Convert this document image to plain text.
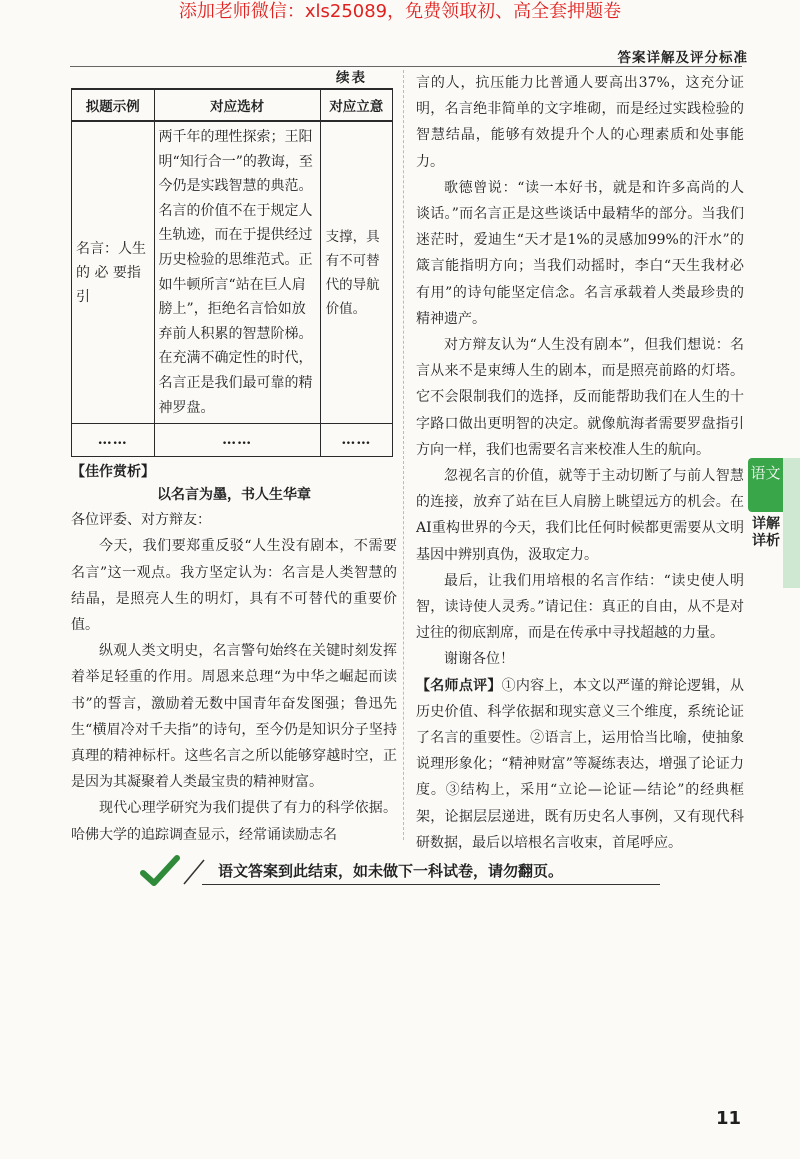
添加老师微信：xls25089，免费领取初、高全套押题卷
答案详解及评分标准
续表
拟题示例	对应选材	对应立意
名言：人生的 必 要指引	两千年的理性探索；王阳明“知行合一”的教诲，至今仍是实践智慧的典范。名言的价值不在于规定人生轨迹，而在于提供经过历史检验的思维范式。正如牛顿所言“站在巨人肩膀上”，拒绝名言恰如放弃前人积累的智慧阶梯。在充满不确定性的时代，名言正是我们最可靠的精神罗盘。	支撑，具有不可替代的导航价值。
……	……	……
【佳作赏析】
以名言为墨，书人生华章

各位评委、对方辩友：

今天，我们要郑重反驳“人生没有剧本，不需要名言”这一观点。我方坚定认为：名言是人类智慧的结晶，是照亮人生的明灯，具有不可替代的重要价值。

纵观人类文明史，名言警句始终在关键时刻发挥着举足轻重的作用。周恩来总理“为中华之崛起而读书”的誓言，激励着无数中国青年奋发图强；鲁迅先生“横眉冷对千夫指”的诗句，至今仍是知识分子坚持真理的精神标杆。这些名言之所以能够穿越时空，正是因为其凝聚着人类最宝贵的精神财富。

现代心理学研究为我们提供了有力的科学依据。哈佛大学的追踪调查显示，经常诵读励志名

言的人，抗压能力比普通人要高出37%，这充分证明，名言绝非简单的文字堆砌，而是经过实践检验的智慧结晶，能够有效提升个人的心理素质和处事能力。

歌德曾说：“读一本好书，就是和许多高尚的人谈话。”而名言正是这些谈话中最精华的部分。当我们迷茫时，爱迪生“天才是1%的灵感加99%的汗水”的箴言能指明方向；当我们动摇时，李白“天生我材必有用”的诗句能坚定信念。名言承载着人类最珍贵的精神遗产。

对方辩友认为“人生没有剧本”，但我们想说：名言从来不是束缚人生的剧本，而是照亮前路的灯塔。它不会限制我们的选择，反而能帮助我们在人生的十字路口做出更明智的决定。就像航海者需要罗盘指引方向一样，我们也需要名言来校准人生的航向。

忽视名言的价值，就等于主动切断了与前人智慧的连接，放弃了站在巨人肩膀上眺望远方的机会。在AI重构世界的今天，我们比任何时候都更需要从文明基因中辨别真伪，汲取定力。

最后，让我们用培根的名言作结：“读史使人明智，读诗使人灵秀。”请记住：真正的自由，从不是对过往的彻底割席，而是在传承中寻找超越的力量。

谢谢各位！

【名师点评】①内容上，本文以严谨的辩论逻辑，从历史价值、科学依据和现实意义三个维度，系统论证了名言的重要性。②语言上，运用恰当比喻，使抽象说理形象化；“精神财富”等凝练表达，增强了论证力度。③结构上，采用“立论—论证—结论”的经典框架，论据层层递进，既有历史名人事例，又有现代科研数据，最后以培根名言收束，首尾呼应。

语文
详解详析
语文答案到此结束，如未做下一科试卷，请勿翻页。
11
